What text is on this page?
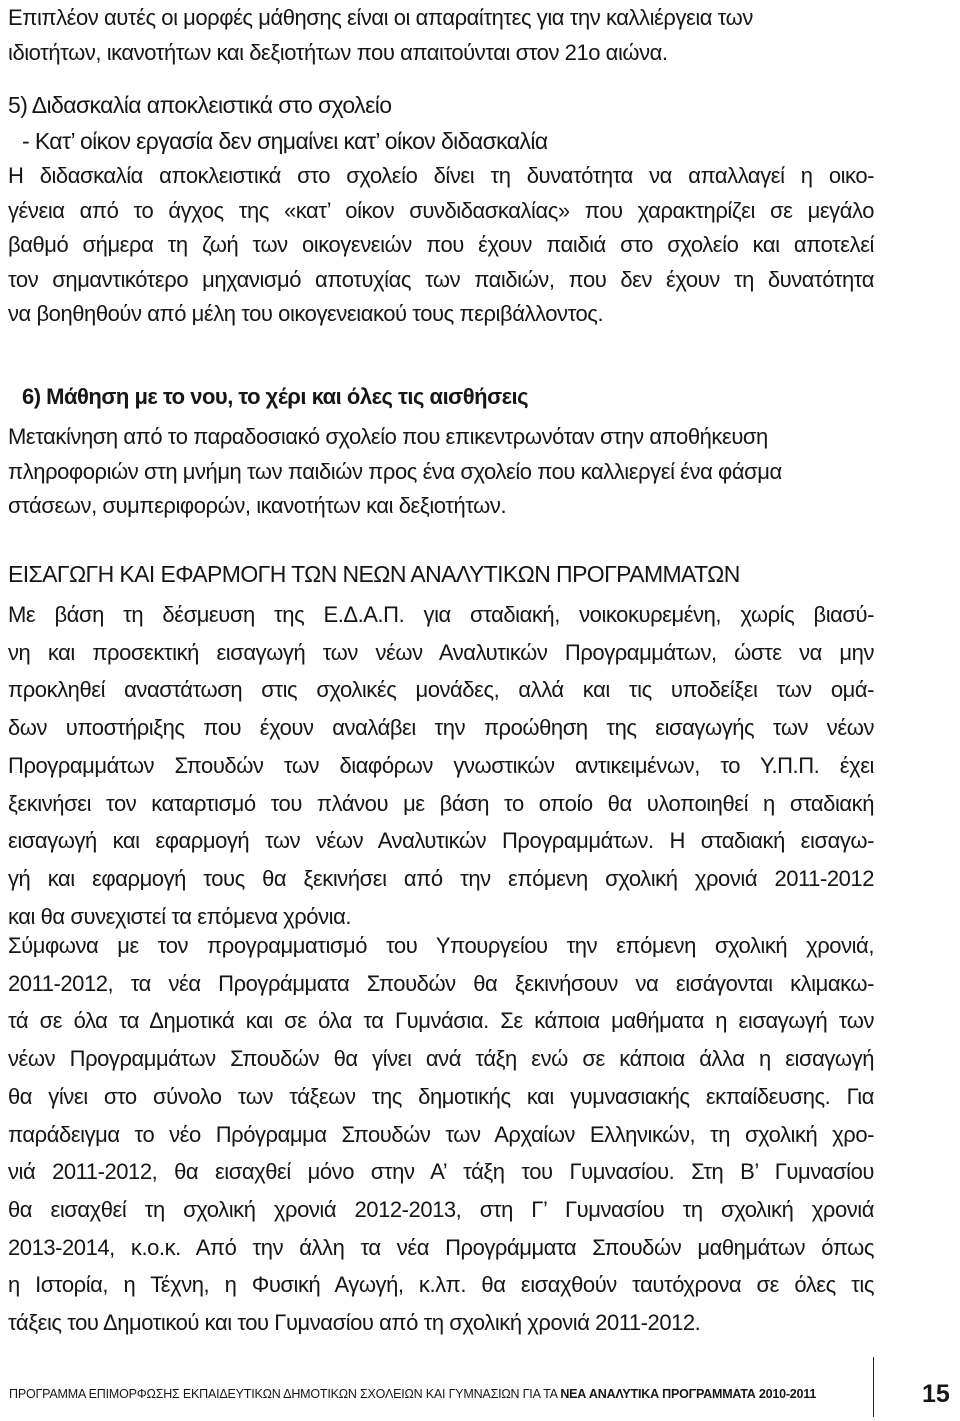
Επιπλέον αυτές οι μορφές μάθησης είναι οι απαραίτητες για την καλλιέργεια των
ιδιοτήτων, ικανοτήτων και δεξιοτήτων που απαιτούνται στον 21ο αιώνα.
5) Διδασκαλία αποκλειστικά στο σχολείο
- Κατ’ οίκον εργασία δεν σημαίνει κατ’ οίκον διδασκαλία
Η διδασκαλία αποκλειστικά στο σχολείο δίνει τη δυνατότητα να απαλλαγεί η οικο-
γένεια από το άγχος της «κατ’ οίκον συνδιδασκαλίας» που χαρακτηρίζει σε μεγάλο
βαθμό σήμερα τη ζωή των οικογενειών που έχουν παιδιά στο σχολείο και αποτελεί
τον σημαντικότερο μηχανισμό αποτυχίας των παιδιών, που δεν έχουν τη δυνατότητα
να βοηθηθούν από μέλη του οικογενειακού τους περιβάλλοντος.
6) Μάθηση με το νου, το χέρι και όλες τις αισθήσεις
Μετακίνηση από το παραδοσιακό σχολείο που επικεντρωνόταν στην αποθήκευση
πληροφοριών στη μνήμη των παιδιών προς ένα σχολείο που καλλιεργεί ένα φάσμα
στάσεων, συμπεριφορών, ικανοτήτων και δεξιοτήτων.
ΕΙΣΑΓΩΓΗ ΚΑΙ ΕΦΑΡΜΟΓΗ ΤΩΝ ΝΕΩΝ ΑΝΑΛΥΤΙΚΩΝ ΠΡΟΓΡΑΜΜΑΤΩΝ
Με βάση τη δέσμευση της Ε.Δ.Α.Π. για σταδιακή, νοικοκυρεμένη, χωρίς βιασύ-
νη και προσεκτική εισαγωγή των νέων Αναλυτικών Προγραμμάτων, ώστε να μην
προκληθεί αναστάτωση στις σχολικές μονάδες, αλλά και τις υποδείξει των ομά-
δων υποστήριξης που έχουν αναλάβει την προώθηση της εισαγωγής των νέων
Προγραμμάτων Σπουδών των διαφόρων γνωστικών αντικειμένων, το Υ.Π.Π. έχει
ξεκινήσει τον καταρτισμό του πλάνου με βάση το οποίο θα υλοποιηθεί η σταδιακή
εισαγωγή και εφαρμογή των νέων Αναλυτικών Προγραμμάτων. Η σταδιακή εισαγω-
γή και εφαρμογή τους θα ξεκινήσει από την επόμενη σχολική χρονιά 2011-2012
και θα συνεχιστεί τα επόμενα χρόνια.
Σύμφωνα με τον προγραμματισμό του Υπουργείου την επόμενη σχολική χρονιά,
2011-2012, τα νέα Προγράμματα Σπουδών θα ξεκινήσουν να εισάγονται κλιμακω-
τά σε όλα τα Δημοτικά και σε όλα τα Γυμνάσια. Σε κάποια μαθήματα η εισαγωγή των
νέων Προγραμμάτων Σπουδών θα γίνει ανά τάξη ενώ σε κάποια άλλα η εισαγωγή
θα γίνει στο σύνολο των τάξεων της δημοτικής και γυμνασιακής εκπαίδευσης. Για
παράδειγμα το νέο Πρόγραμμα Σπουδών των Αρχαίων Ελληνικών, τη σχολική χρο-
νιά 2011-2012, θα εισαχθεί μόνο στην Α’ τάξη του Γυμνασίου. Στη Β’ Γυμνασίου
θα εισαχθεί τη σχολική χρονιά 2012-2013, στη Γ’ Γυμνασίου τη σχολική χρονιά
2013-2014, κ.ο.κ. Από την άλλη τα νέα Προγράμματα Σπουδών μαθημάτων όπως
η Ιστορία, η Τέχνη, η Φυσική Αγωγή, κ.λπ. θα εισαχθούν ταυτόχρονα σε όλες τις
τάξεις του Δημοτικού και του Γυμνασίου από τη σχολική χρονιά 2011-2012.
ΠΡΟΓΡΑΜΜΑ ΕΠΙΜΟΡΦΩΣΗΣ ΕΚΠΑΙΔΕΥΤΙΚΩΝ ΔΗΜΟΤΙΚΩΝ ΣΧΟΛΕΙΩΝ ΚΑΙ ΓΥΜΝΑΣΙΩΝ ΓΙΑ ΤΑ ΝΕΑ ΑΝΑΛΥΤΙΚΑ ΠΡΟΓΡΑΜΜΑΤΑ 2010-2011	15
